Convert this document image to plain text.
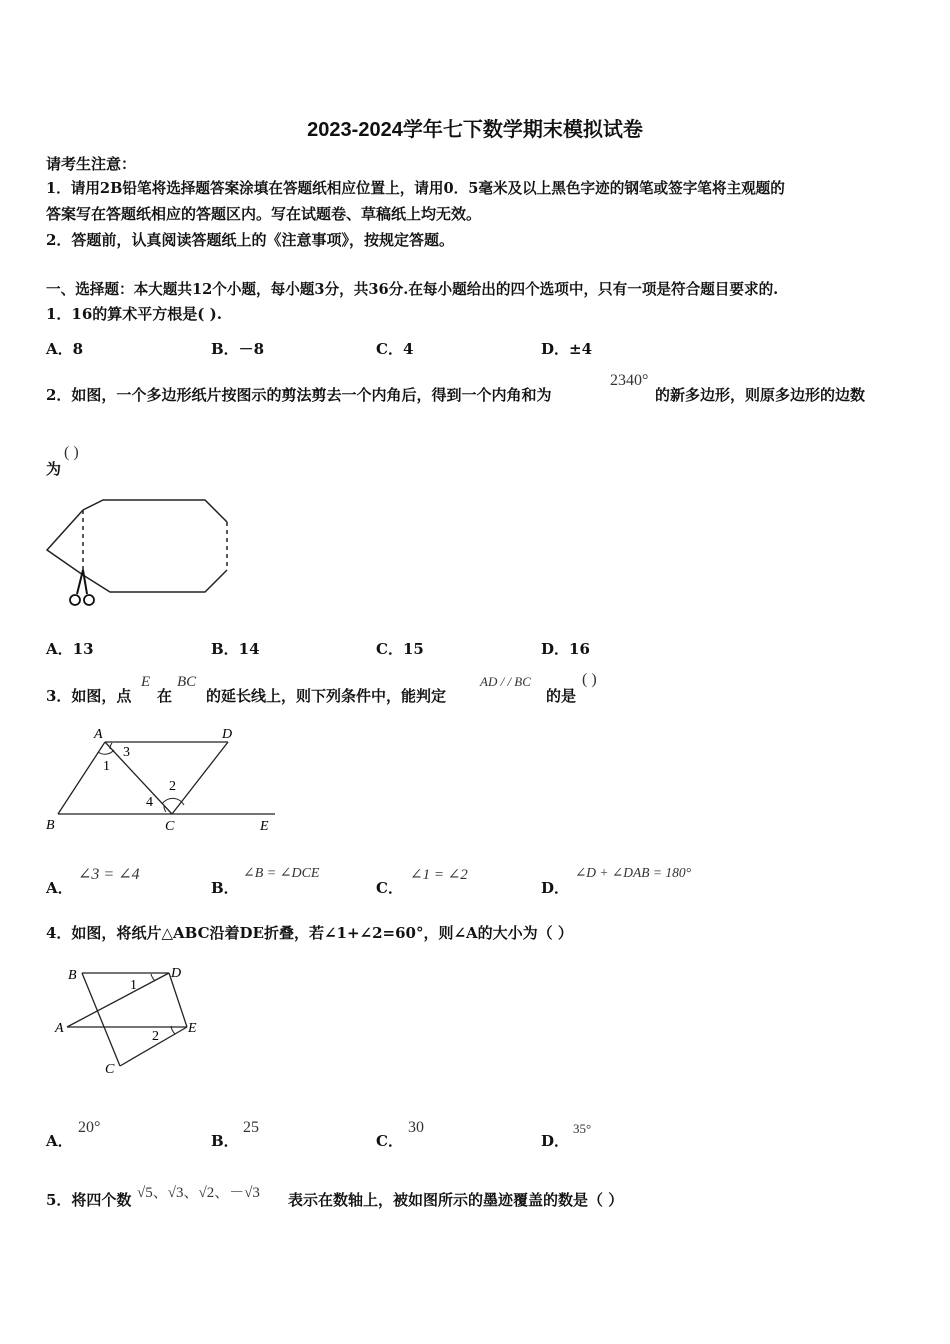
2023-2024学年七下数学期末模拟试卷
请考生注意：
1．请用2B铅笔将选择题答案涂填在答题纸相应位置上，请用0．5毫米及以上黑色字迹的钢笔或签字笔将主观题的
答案写在答题纸相应的答题区内。写在试题卷、草稿纸上均无效。
2．答题前，认真阅读答题纸上的《注意事项》，按规定答题。
一、选择题：本大题共12个小题，每小题3分，共36分.在每小题给出的四个选项中，只有一项是符合题目要求的.
1．16的算术平方根是( ).
A．8	B．－8	C．4	D．±4
2．如图，一个多边形纸片按图示的剪法剪去一个内角后，得到一个内角和为
2340°
的新多边形，则原多边形的边数
为
( )
A．13	B．14	C．15	D．16
3．如图，点
E
在
BC
的延长线上，则下列条件中，能判定
AD / / BC
的是
( )
A	D
3
1
2
4
B	C	E
A．
∠3 = ∠4
B．
∠B = ∠DCE
C．
∠1 = ∠2
D．
∠D + ∠DAB = 180°
4．如图，将纸片△ABC沿着DE折叠，若∠1+∠2=60°，则∠A的大小为（ ）
B	D
1
A
2
E
C
A．
20°
B．
25
C．
30
D．
35°
5．将四个数 √5、√3、√2、－√3 表示在数轴上，被如图所示的墨迹覆盖的数是（ ）
